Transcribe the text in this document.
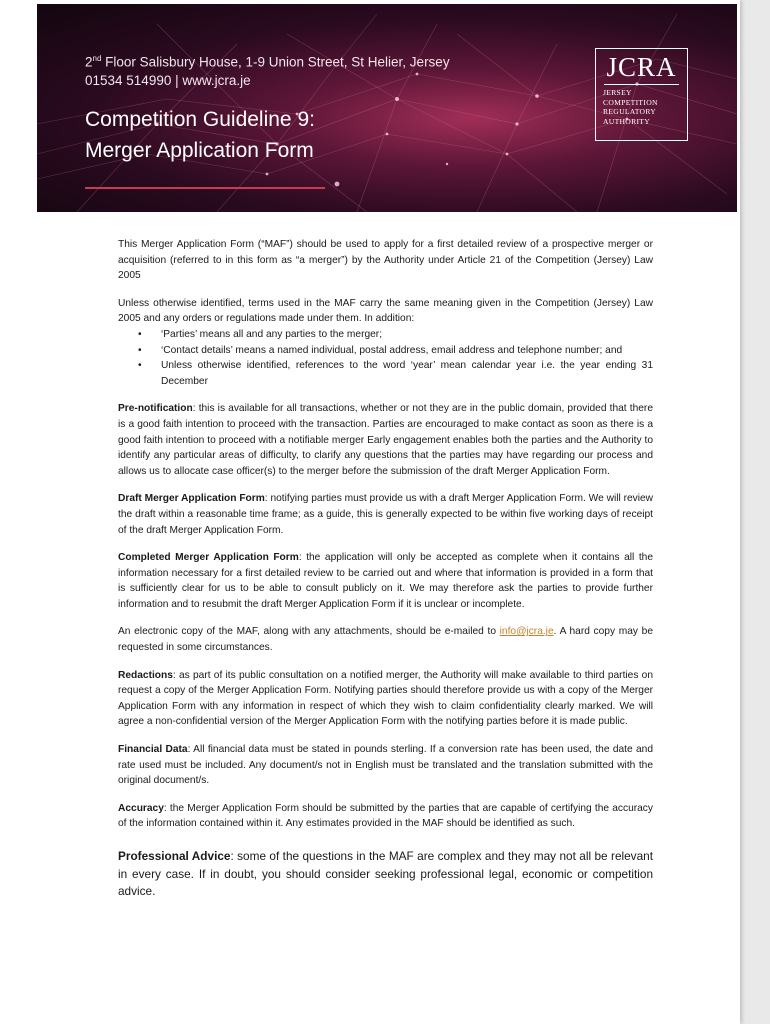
2nd Floor Salisbury House, 1-9 Union Street, St Helier, Jersey
01534 514990 | www.jcra.je
Competition Guideline 9:
Merger Application Form
JCRA
JERSEY
COMPETITION
REGULATORY
AUTHORITY

This Merger Application Form (“MAF”) should be used to apply for a first detailed review of a prospective merger or acquisition (referred to in this form as “a merger”) by the Authority under Article 21 of the Competition (Jersey) Law 2005

Unless otherwise identified, terms used in the MAF carry the same meaning given in the Competition (Jersey) Law 2005 and any orders or regulations made under them. In addition:

• ‘Parties’ means all and any parties to the merger;
• ‘Contact details’ means a named individual, postal address, email address and telephone number; and
• Unless otherwise identified, references to the word ‘year’ mean calendar year i.e. the year ending 31 December

Pre-notification: this is available for all transactions, whether or not they are in the public domain, provided that there is a good faith intention to proceed with the transaction. Parties are encouraged to make contact as soon as there is a good faith intention to proceed with a notifiable merger Early engagement enables both the parties and the Authority to identify any particular areas of difficulty, to clarify any questions that the parties may have regarding our process and allows us to allocate case officer(s) to the merger before the submission of the draft Merger Application Form.

Draft Merger Application Form: notifying parties must provide us with a draft Merger Application Form. We will review the draft within a reasonable time frame; as a guide, this is generally expected to be within five working days of receipt of the draft Merger Application Form.

Completed Merger Application Form: the application will only be accepted as complete when it contains all the information necessary for a first detailed review to be carried out and where that information is provided in a form that is sufficiently clear for us to be able to consult publicly on it. We may therefore ask the parties to provide further information and to resubmit the draft Merger Application Form if it is unclear or incomplete.

An electronic copy of the MAF, along with any attachments, should be e-mailed to info@jcra.je. A hard copy may be requested in some circumstances.

Redactions: as part of its public consultation on a notified merger, the Authority will make available to third parties on request a copy of the Merger Application Form. Notifying parties should therefore provide us with a copy of the Merger Application Form with any information in respect of which they wish to claim confidentiality clearly marked. We will agree a non-confidential version of the Merger Application Form with the notifying parties before it is made public.

Financial Data: All financial data must be stated in pounds sterling. If a conversion rate has been used, the date and rate used must be included. Any document/s not in English must be translated and the translation submitted with the original document/s.

Accuracy: the Merger Application Form should be submitted by the parties that are capable of certifying the accuracy of the information contained within it. Any estimates provided in the MAF should be identified as such.

Professional Advice: some of the questions in the MAF are complex and they may not all be relevant in every case. If in doubt, you should consider seeking professional legal, economic or competition advice.
